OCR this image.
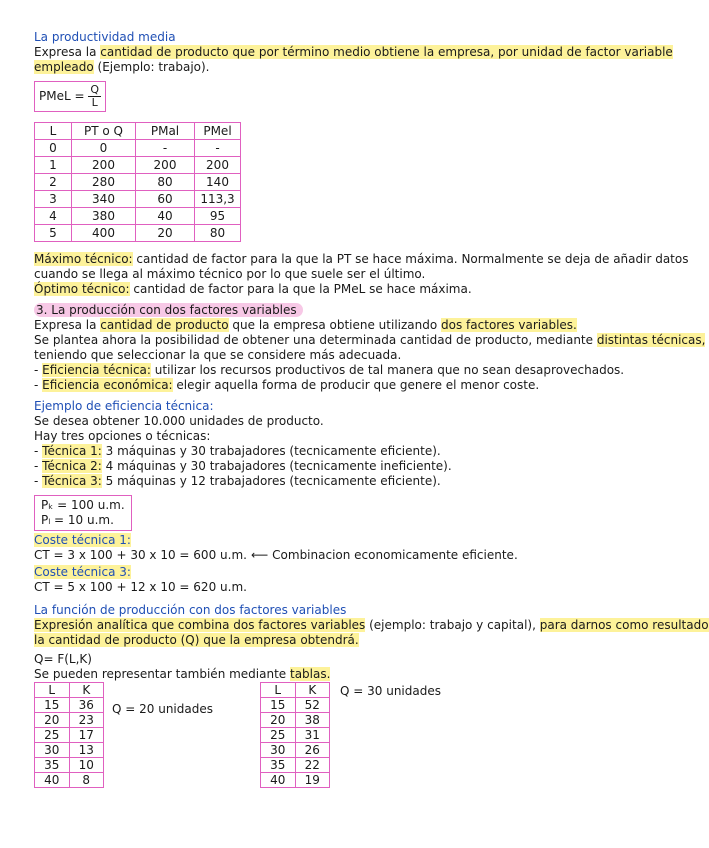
La productividad media
Expresa la cantidad de producto que por término medio obtiene la empresa, por unidad de factor variable
empleado (Ejemplo: trabajo).
PMeL = $\frac{Q}{L}$
L	PT o Q	PMal	PMel
0	0	-	-
1	200	200	200
2	280	80	140
3	340	60	113,3
4	380	40	95
5	400	20	80
Máximo técnico: cantidad de factor para la que la PT se hace máxima. Normalmente se deja de añadir datos
cuando se llega al máximo técnico por lo que suele ser el último.
Óptimo técnico: cantidad de factor para la que la PMeL se hace máxima.
3. La producción con dos factores variables
Expresa la cantidad de producto que la empresa obtiene utilizando dos factores variables.
Se plantea ahora la posibilidad de obtener una determinada cantidad de producto, mediante distintas técnicas,
teniendo que seleccionar la que se considere más adecuada.
- Eficiencia técnica: utilizar los recursos productivos de tal manera que no sean desaprovechados.
- Eficiencia económica: elegir aquella forma de producir que genere el menor coste.
Ejemplo de eficiencia técnica:
Se desea obtener 10.000 unidades de producto.
Hay tres opciones o técnicas:
- Técnica 1: 3 máquinas y 30 trabajadores (tecnicamente eficiente).
- Técnica 2: 4 máquinas y 30 trabajadores (tecnicamente ineficiente).
- Técnica 3: 5 máquinas y 12 trabajadores (tecnicamente eficiente).
Pₖ = 100 u.m.
Pₗ = 10 u.m.
Coste técnica 1:
CT = 3 x 100 + 30 x 10 = 600 u.m. ⟵ Combinacion economicamente eficiente.
Coste técnica 3:
CT = 5 x 100 + 12 x 10 = 620 u.m.
La función de producción con dos factores variables
Expresión analítica que combina dos factores variables (ejemplo: trabajo y capital), para darnos como resultado
la cantidad de producto (Q) que la empresa obtendrá.
Q= F(L,K)
Se pueden representar también mediante tablas.
L	K
15	36
20	23
25	17
30	13
35	10
40	8
Q = 20 unidades
L	K
15	52
20	38
25	31
30	26
35	22
40	19
Q = 30 unidades
